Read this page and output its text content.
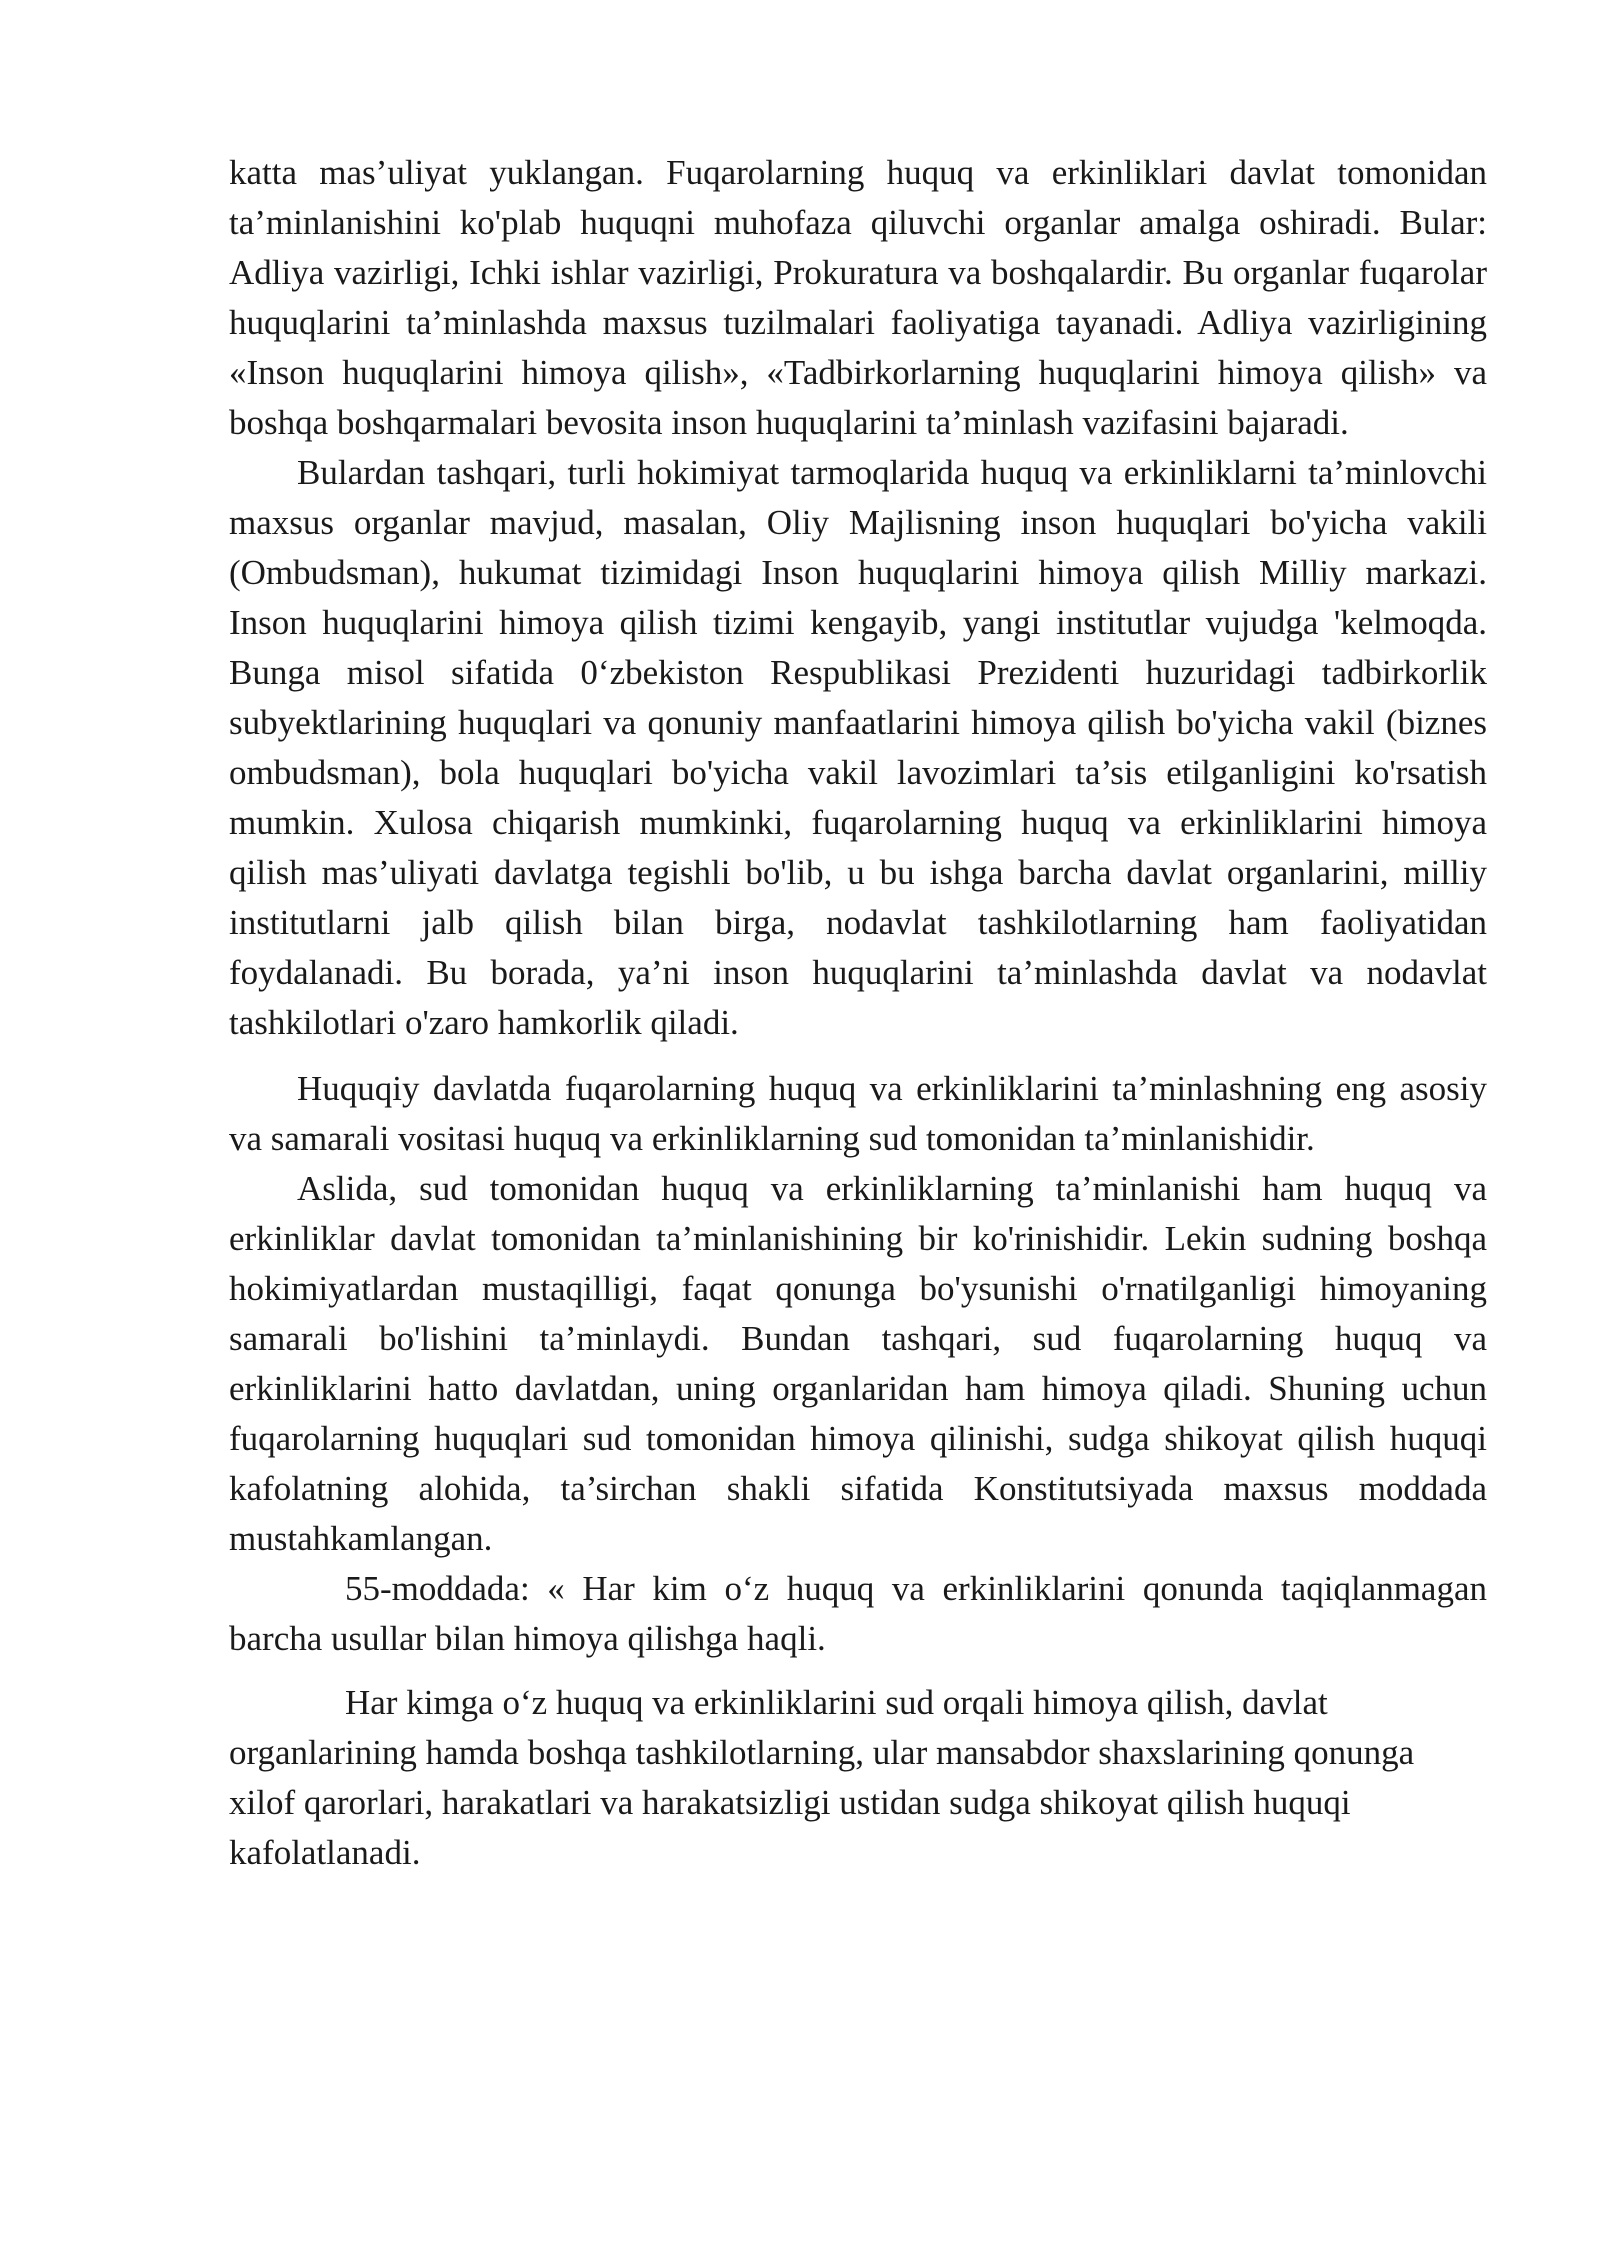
katta mas’uliyat yuklangan. Fuqarolarning huquq va erkinliklari davlat tomonidan ta’minlanishini ko'plab huquqni muhofaza qiluvchi organlar amalga oshiradi. Bular: Adliya vazirligi, Ichki ishlar vazirligi, Prokuratura va boshqalardir. Bu organlar fuqarolar huquqlarini ta’minlashda maxsus tuzilmalari faoliyatiga tayanadi. Adliya vazirligining «Inson huquqlarini himoya qilish», «Tadbirkorlarning huquqlarini himoya qilish» va boshqa boshqarmalari bevosita inson huquqlarini ta’minlash vazifasini bajaradi.

Bulardan tashqari, turli hokimiyat tarmoqlarida huquq va erkinliklarni ta’minlovchi maxsus organlar mavjud, masalan, Oliy Majlisning inson huquqlari bo'yicha vakili (Ombudsman), hukumat tizimidagi Inson huquqlarini himoya qilish Milliy markazi. Inson huquqlarini himoya qilish tizimi kengayib, yangi institutlar vujudga 'kelmoqda. Bunga misol sifatida 0‘zbekiston Respublikasi Prezidenti huzuridagi tadbirkorlik subyektlarining huquqlari va qonuniy manfaatlarini himoya qilish bo'yicha vakil (biznes ombudsman), bola huquqlari bo'yicha vakil lavozimlari ta’sis etilganligini ko'rsatish mumkin. Xulosa chiqarish mumkinki, fuqarolarning huquq va erkinliklarini himoya qilish mas’uliyati davlatga tegishli bo'lib, u bu ishga barcha davlat organlarini, milliy institutlarni jalb qilish bilan birga, nodavlat tashkilotlarning ham faoliyatidan foydalanadi. Bu borada, ya’ni inson huquqlarini ta’minlashda davlat va nodavlat tashkilotlari o'zaro hamkorlik qiladi.

Huquqiy davlatda fuqarolarning huquq va erkinliklarini ta’minlashning eng asosiy va samarali vositasi huquq va erkinliklarning sud tomonidan ta’minlanishidir.

Aslida, sud tomonidan huquq va erkinliklarning ta’minlanishi ham huquq va erkinliklar davlat tomonidan ta’minlanishining bir ko'rinishidir. Lekin sudning boshqa hokimiyatlardan mustaqilligi, faqat qonunga bo'ysunishi o'rnatilganligi himoyaning samarali bo'lishini ta’minlaydi. Bundan tashqari, sud fuqarolarning huquq va erkinliklarini hatto davlatdan, uning organlaridan ham himoya qiladi. Shuning uchun fuqarolarning huquqlari sud tomonidan himoya qilinishi, sudga shikoyat qilish huquqi kafolatning alohida, ta’sirchan shakli sifatida Konstitutsiyada maxsus moddada mustahkamlangan.

55-moddada: « Har kim o‘z huquq va erkinliklarini qonunda taqiqlanmagan barcha usullar bilan himoya qilishga haqli.

Har kimga o‘z huquq va erkinliklarini sud orqali himoya qilish, davlat organlarining hamda boshqa tashkilotlarning, ular mansabdor shaxslarining qonunga xilof qarorlari, harakatlari va harakatsizligi ustidan sudga shikoyat qilish huquqi kafolatlanadi.
